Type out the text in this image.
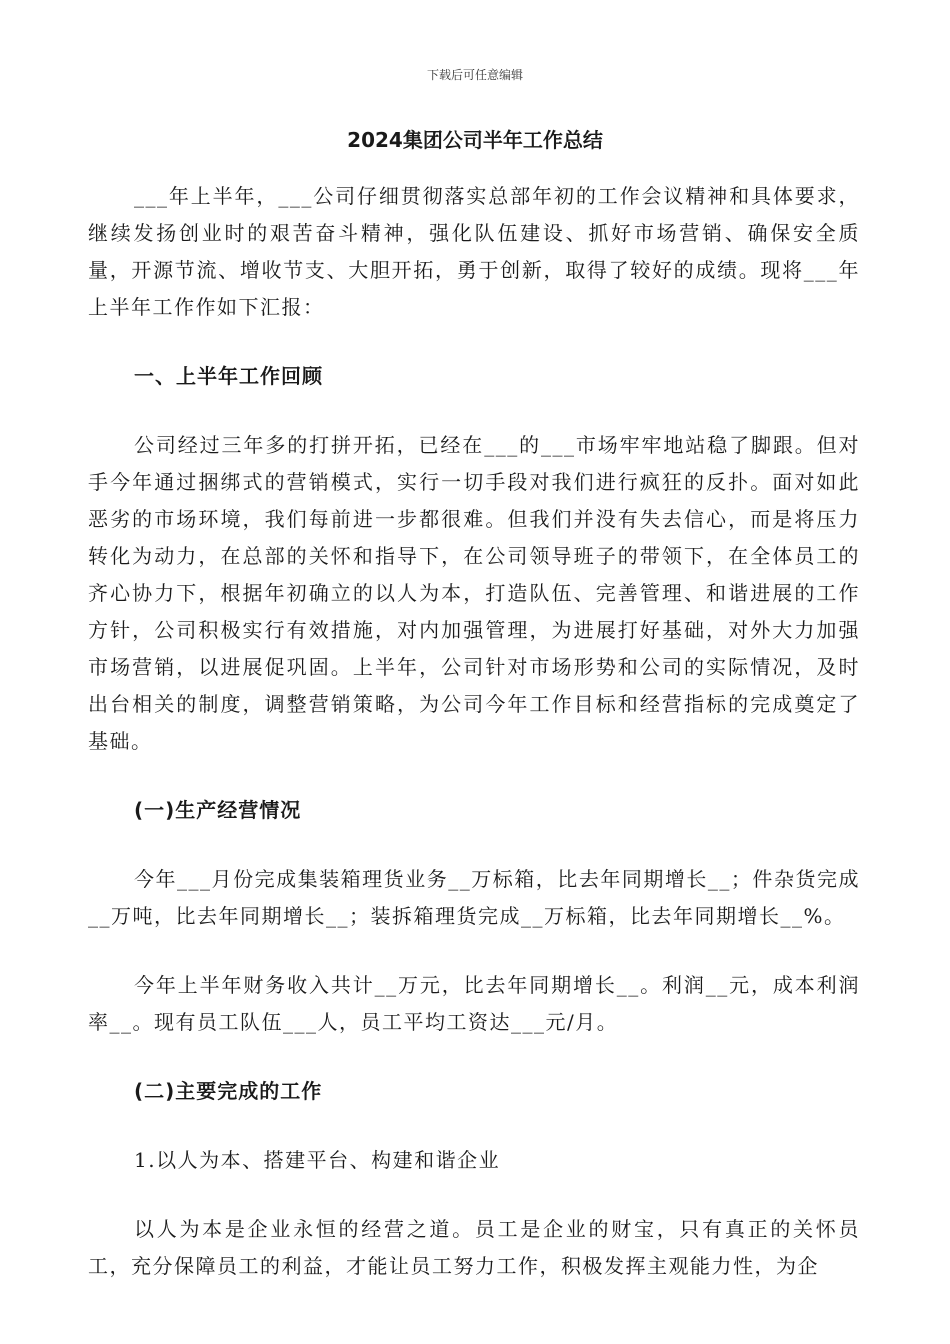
下载后可任意编辑
2024集团公司半年工作总结

___年上半年，___公司仔细贯彻落实总部年初的工作会议精神和具体要求，继续发扬创业时的艰苦奋斗精神，强化队伍建设、抓好市场营销、确保安全质量，开源节流、增收节支、大胆开拓，勇于创新，取得了较好的成绩。现将___年上半年工作作如下汇报：

一、上半年工作回顾

公司经过三年多的打拼开拓，已经在___的___市场牢牢地站稳了脚跟。但对手今年通过捆绑式的营销模式，实行一切手段对我们进行疯狂的反扑。面对如此恶劣的市场环境，我们每前进一步都很难。但我们并没有失去信心，而是将压力转化为动力，在总部的关怀和指导下，在公司领导班子的带领下，在全体员工的齐心协力下，根据年初确立的以人为本，打造队伍、完善管理、和谐进展的工作方针，公司积极实行有效措施，对内加强管理，为进展打好基础，对外大力加强市场营销，以进展促巩固。上半年，公司针对市场形势和公司的实际情况，及时出台相关的制度，调整营销策略，为公司今年工作目标和经营指标的完成奠定了基础。

(一)生产经营情况

今年___月份完成集装箱理货业务__万标箱，比去年同期增长__；件杂货完成__万吨，比去年同期增长__；装拆箱理货完成__万标箱，比去年同期增长__%。

今年上半年财务收入共计__万元，比去年同期增长__。利润__元，成本利润率__。现有员工队伍___人，员工平均工资达___元/月。

(二)主要完成的工作

1.以人为本、搭建平台、构建和谐企业

以人为本是企业永恒的经营之道。员工是企业的财宝，只有真正的关怀员工，充分保障员工的利益，才能让员工努力工作，积极发挥主观能力性，为企
